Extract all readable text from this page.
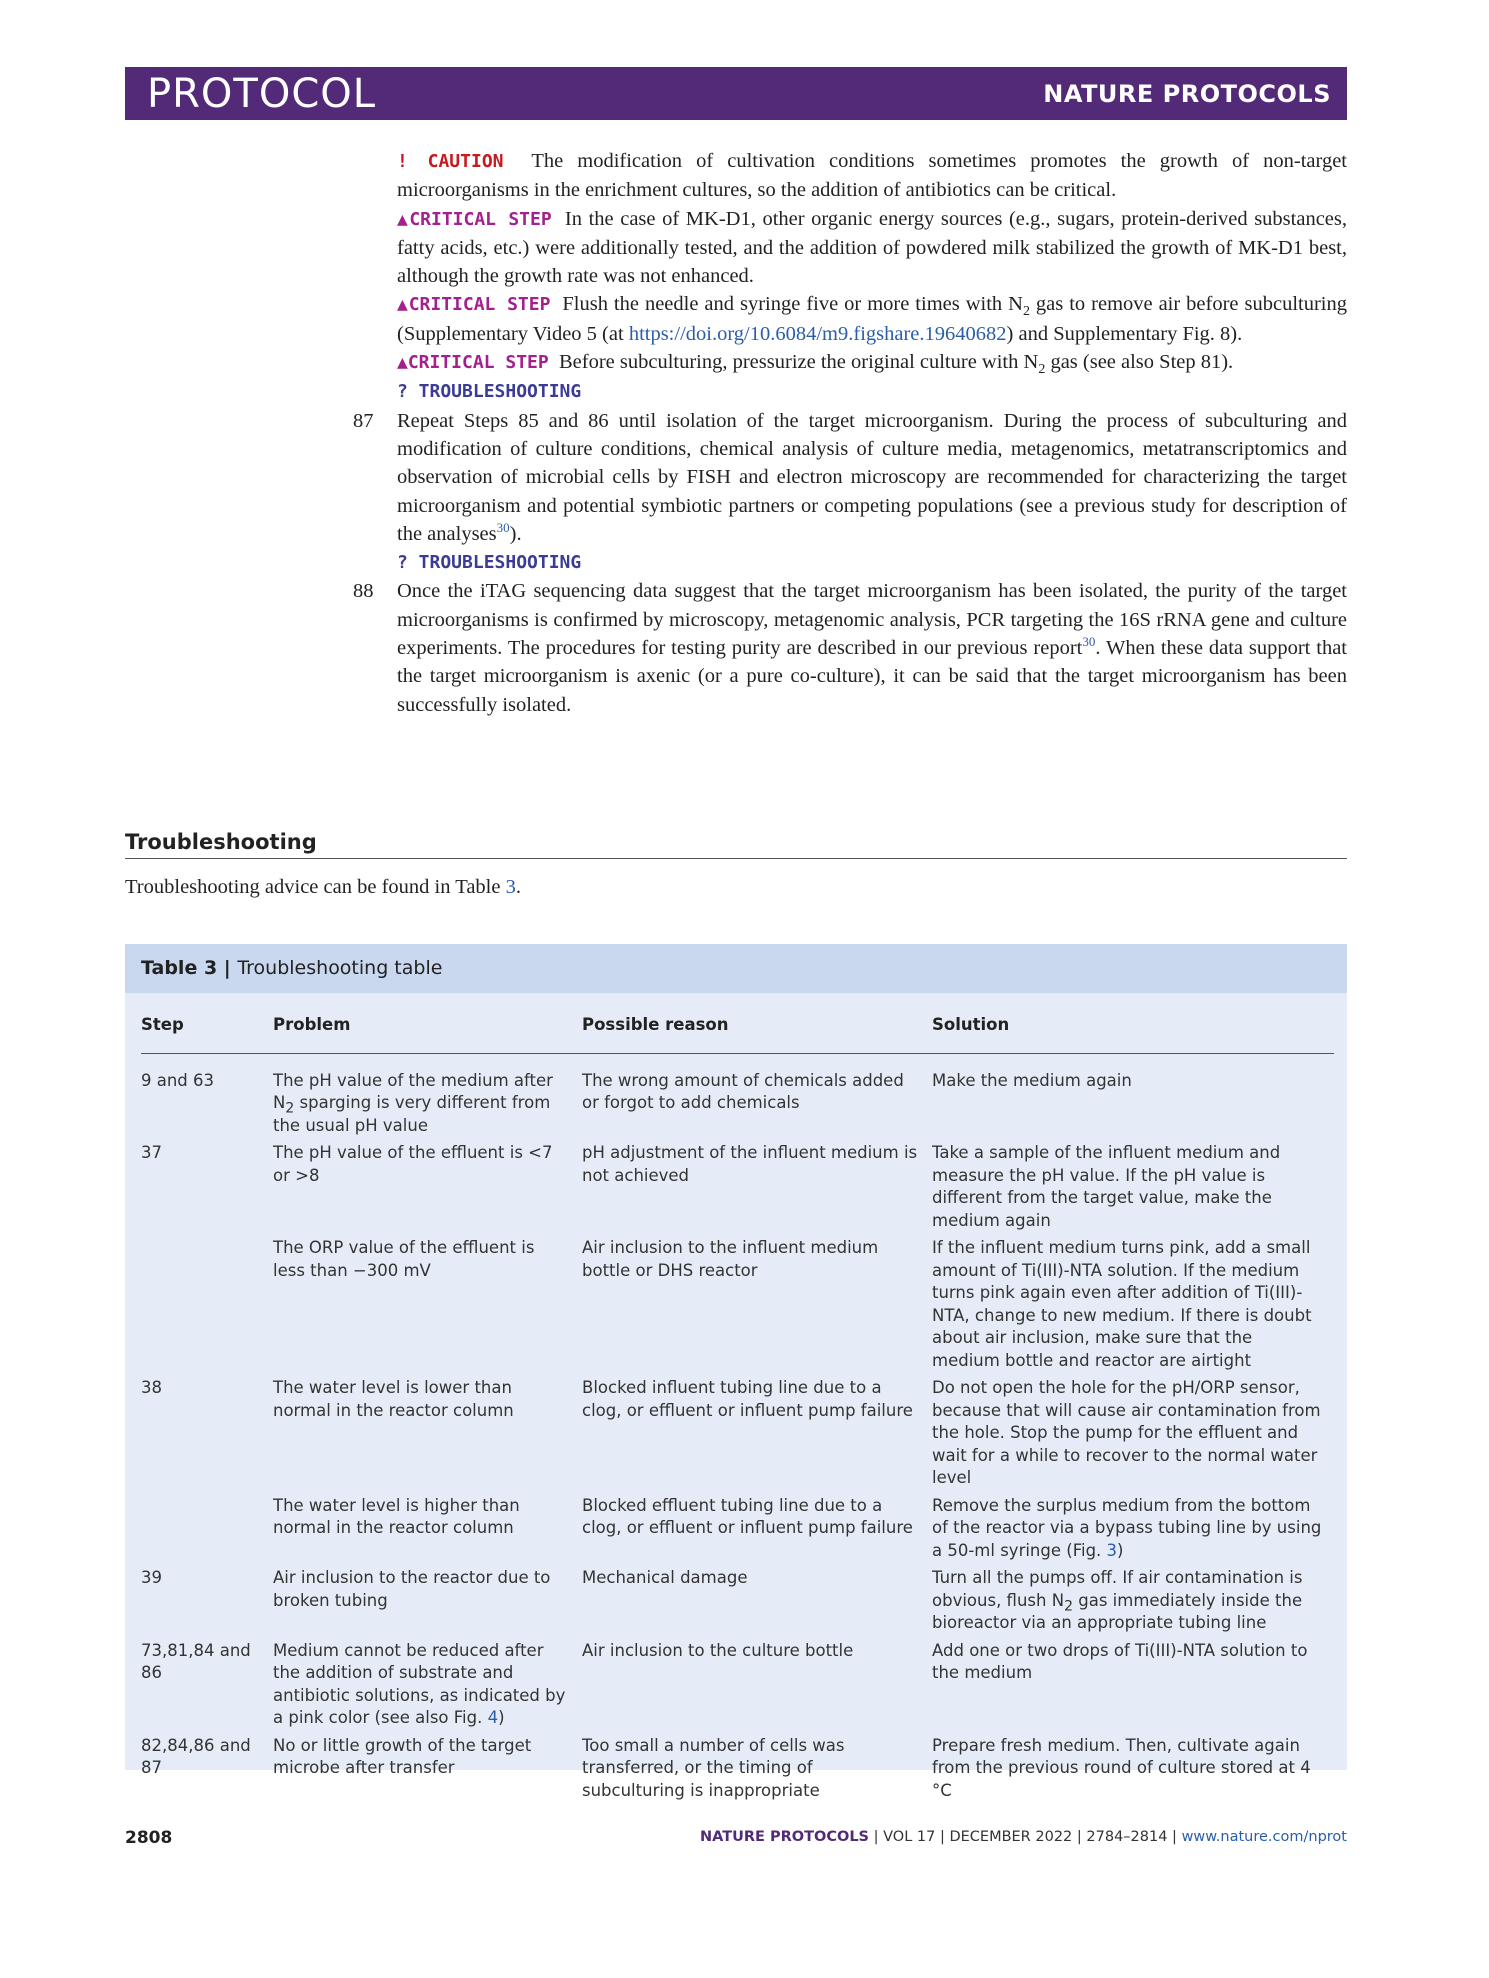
PROTOCOL	NATURE PROTOCOLS

! CAUTION The modification of cultivation conditions sometimes promotes the growth of non-target microorganisms in the enrichment cultures, so the addition of antibiotics can be critical.

▲CRITICAL STEP In the case of MK-D1, other organic energy sources (e.g., sugars, protein-derived substances, fatty acids, etc.) were additionally tested, and the addition of powdered milk stabilized the growth of MK-D1 best, although the growth rate was not enhanced.

▲CRITICAL STEP Flush the needle and syringe five or more times with $N_2$ gas to remove air before subculturing (Supplementary Video 5 (at https://doi.org/10.6084/m9.figshare.19640682) and Supplementary Fig. 8).

▲CRITICAL STEP Before subculturing, pressurize the original culture with $N_2$ gas (see also Step 81).

? TROUBLESHOOTING

87 Repeat Steps 85 and 86 until isolation of the target microorganism. During the process of subculturing and modification of culture conditions, chemical analysis of culture media, metagenomics, metatranscriptomics and observation of microbial cells by FISH and electron microscopy are recommended for characterizing the target microorganism and potential symbiotic partners or competing populations (see a previous study for description of the analyses$^{30}$).

? TROUBLESHOOTING

88 Once the iTAG sequencing data suggest that the target microorganism has been isolated, the purity of the target microorganisms is confirmed by microscopy, metagenomic analysis, PCR targeting the 16S rRNA gene and culture experiments. The procedures for testing purity are described in our previous report$^{30}$. When these data support that the target microorganism is axenic (or a pure co-culture), it can be said that the target microorganism has been successfully isolated.

Troubleshooting
Troubleshooting advice can be found in Table 3.
Table 3 | Troubleshooting table
Step	Problem	Possible reason	Solution
9 and 63	The pH value of the medium after $N_2$ sparging is very different from the usual pH value	The wrong amount of chemicals added or forgot to add chemicals	Make the medium again
37	The pH value of the effluent is <7 or >8	pH adjustment of the influent medium is not achieved	Take a sample of the influent medium and measure the pH value. If the pH value is different from the target value, make the medium again
	The ORP value of the effluent is less than −300 mV	Air inclusion to the influent medium bottle or DHS reactor	If the influent medium turns pink, add a small amount of Ti(III)-NTA solution. If the medium turns pink again even after addition of Ti(III)-NTA, change to new medium. If there is doubt about air inclusion, make sure that the medium bottle and reactor are airtight
38	The water level is lower than normal in the reactor column	Blocked influent tubing line due to a clog, or effluent or influent pump failure	Do not open the hole for the pH/ORP sensor, because that will cause air contamination from the hole. Stop the pump for the effluent and wait for a while to recover to the normal water level
	The water level is higher than normal in the reactor column	Blocked effluent tubing line due to a clog, or effluent or influent pump failure	Remove the surplus medium from the bottom of the reactor via a bypass tubing line by using a 50-ml syringe (Fig. 3)
39	Air inclusion to the reactor due to broken tubing	Mechanical damage	Turn all the pumps off. If air contamination is obvious, flush $N_2$ gas immediately inside the bioreactor via an appropriate tubing line
73,81,84 and 86	Medium cannot be reduced after the addition of substrate and antibiotic solutions, as indicated by a pink color (see also Fig. 4)	Air inclusion to the culture bottle	Add one or two drops of Ti(III)-NTA solution to the medium
82,84,86 and 87	No or little growth of the target microbe after transfer	Too small a number of cells was transferred, or the timing of subculturing is inappropriate	Prepare fresh medium. Then, cultivate again from the previous round of culture stored at 4 °C
2808	NATURE PROTOCOLS | VOL 17 | DECEMBER 2022 | 2784–2814 | www.nature.com/nprot
